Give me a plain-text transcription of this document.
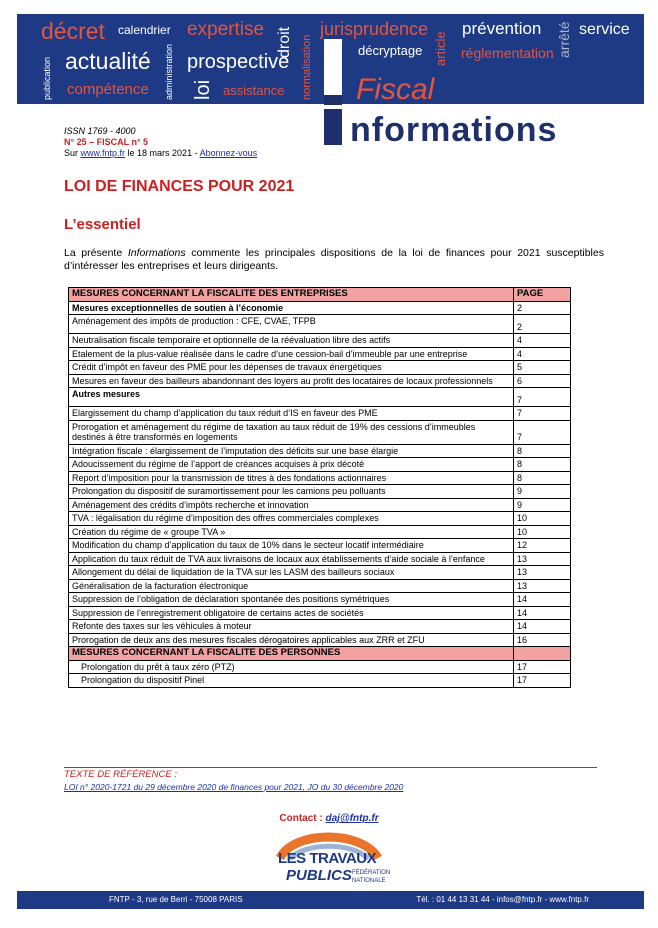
décret calendrier expertise droit jurisprudence prévention arrêté service
publication actualité administration prospective normalisation	décryptage article réglementation
compétence loi assistance Fiscal
nformations
ISSN 1769 - 4000
N° 25 – FISCAL n° 5
Sur www.fntp.fr le 18 mars 2021 - Abonnez-vous
LOI DE FINANCES POUR 2021
L’essentiel
La présente Informations commente les principales dispositions de la loi de finances pour 2021 susceptibles d’intéresser les entreprises et leurs dirigeants.
MESURES CONCERNANT LA FISCALITE DES ENTREPRISES	PAGE
Mesures exceptionnelles de soutien à l’économie	2
Aménagement des impôts de production : CFE, CVAE, TFPB	2
Neutralisation fiscale temporaire et optionnelle de la réévaluation libre des actifs	4
Etalement de la plus-value réalisée dans le cadre d’une cession-bail d’immeuble par une entreprise	4
Crédit d’impôt en faveur des PME pour les dépenses de travaux énergétiques	5
Mesures en faveur des bailleurs abandonnant des loyers au profit des locataires de locaux professionnels	6
Autres mesures	7
Elargissement du champ d’application du taux réduit d’IS en faveur des PME	7
Prorogation et aménagement du régime de taxation au taux réduit de 19% des cessions d’immeubles destinés à être transformés en logements	7
Intégration fiscale : élargissement de l’imputation des déficits sur une base élargie	8
Adoucissement du régime de l’apport de créances acquises à prix décoté	8
Report d’imposition pour la transmission de titres à des fondations actionnaires	8
Prolongation du dispositif de suramortissement pour les camions peu polluants	9
Aménagement des crédits d’impôts recherche et innovation	9
TVA : légalisation du régime d’imposition des offres commerciales complexes	10
Création du régime de « groupe TVA »	10
Modification du champ d’application du taux de 10% dans le secteur locatif intermédiaire	12
Application du taux réduit de TVA aux livraisons de locaux aux établissements d’aide sociale à l’enfance	13
Allongement du délai de liquidation de la TVA sur les LASM des bailleurs sociaux	13
Généralisation de la facturation électronique	13
Suppression de l’obligation de déclaration spontanée des positions symétriques	14
Suppression de l’enregistrement obligatoire de certains actes de sociétés	14
Refonte des taxes sur les véhicules à moteur	14
Prorogation de deux ans des mesures fiscales dérogatoires applicables aux ZRR et ZFU	16
MESURES CONCERNANT LA FISCALITE DES PERSONNES	
Prolongation du prêt à taux zéro (PTZ)	17
Prolongation du dispositif Pinel	17
TEXTE DE RÉFÉRENCE :
LOI n° 2020-1721 du 29 décembre 2020 de finances pour 2021, JO du 30 décembre 2020
Contact : daj@fntp.fr
LES TRAVAUX
PUBLICS FÉDÉRATION
NATIONALE
FNTP - 3, rue de Berri - 75008 PARIS	Tél. : 01 44 13 31 44 - infos@fntp.fr - www.fntp.fr
